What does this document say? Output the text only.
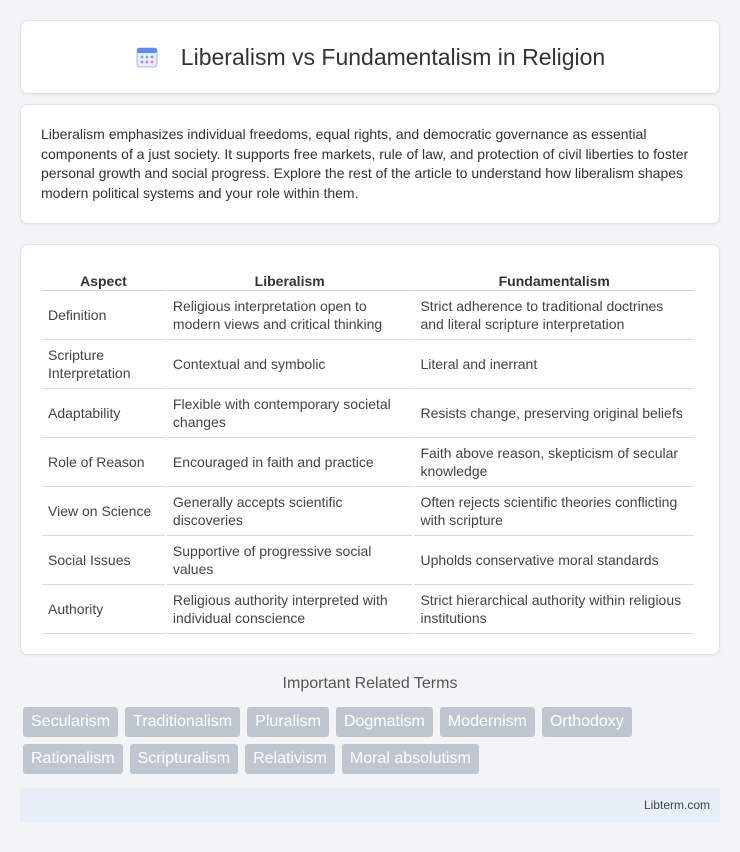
Liberalism vs Fundamentalism in Religion

Liberalism emphasizes individual freedoms, equal rights, and democratic governance as essential components of a just society. It supports free markets, rule of law, and protection of civil liberties to foster personal growth and social progress. Explore the rest of the article to understand how liberalism shapes modern political systems and your role within them.

Aspect	Liberalism	Fundamentalism
Definition	Religious interpretation open to modern views and critical thinking	Strict adherence to traditional doctrines and literal scripture interpretation
Scripture Interpretation	Contextual and symbolic	Literal and inerrant
Adaptability	Flexible with contemporary societal changes	Resists change, preserving original beliefs
Role of Reason	Encouraged in faith and practice	Faith above reason, skepticism of secular knowledge
View on Science	Generally accepts scientific discoveries	Often rejects scientific theories conflicting with scripture
Social Issues	Supportive of progressive social values	Upholds conservative moral standards
Authority	Religious authority interpreted with individual conscience	Strict hierarchical authority within religious institutions
Important Related Terms
Secularism	Traditionalism	Pluralism	Dogmatism	Modernism	Orthodoxy
Rationalism	Scripturalism	Relativism	Moral absolutism
Libterm.com
